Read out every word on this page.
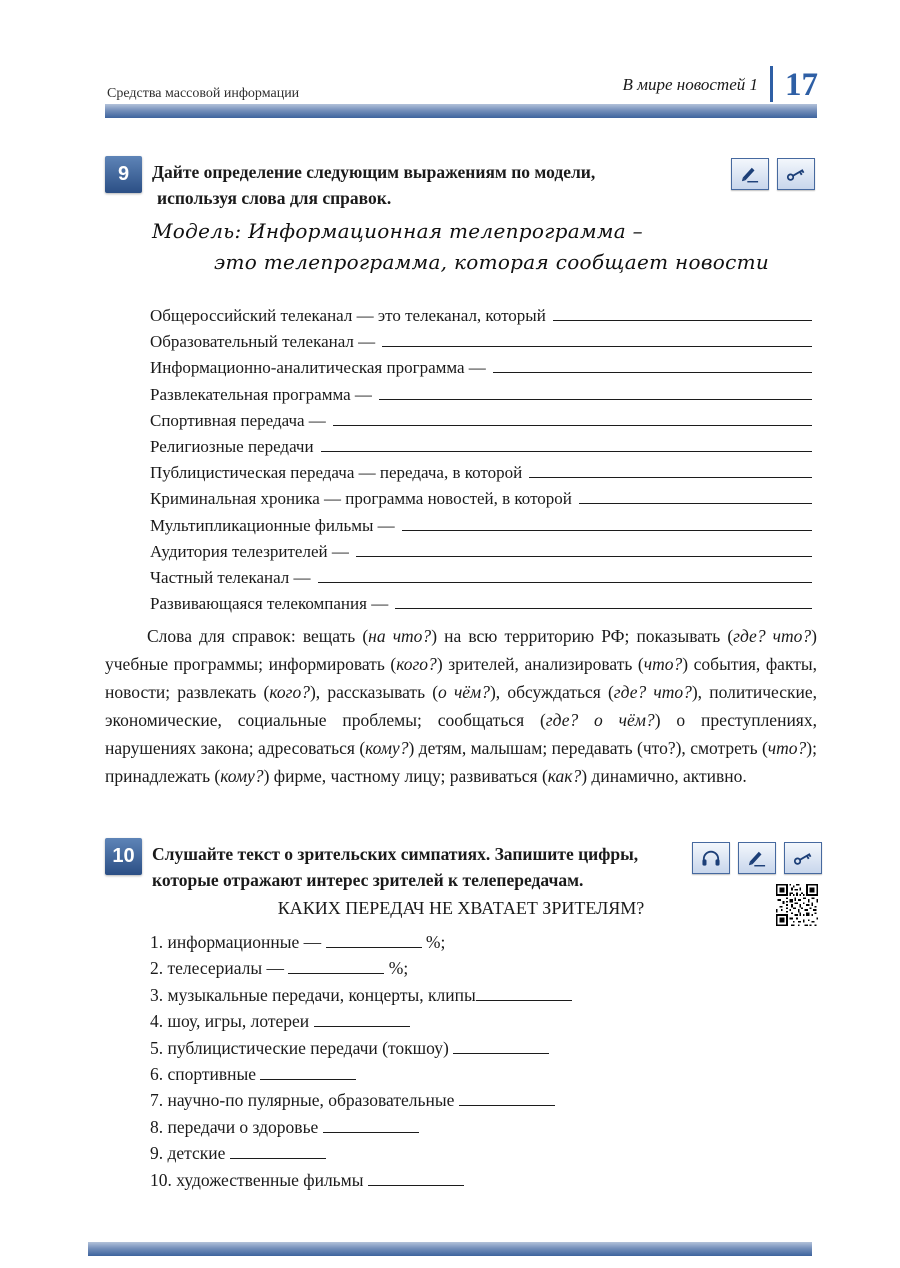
Средства массовой информации	В мире новостей 1 17
9	Дайте определение следующим выражениям по модели,
используя слова для справок.
Модель: Информационная телепрограмма –
это телепрограмма, которая сообщает новости
Общероссийский телеканал — это телеканал, который
Образовательный телеканал —
Информационно-аналитическая программа —
Развлекательная программа —
Спортивная передача —
Религиозные передачи
Публицистическая передача — передача, в которой
Криминальная хроника — программа новостей, в которой
Мультипликационные фильмы —
Аудитория телезрителей —
Частный телеканал —
Развивающаяся телекомпания —
Слова для справок: вещать (на что?) на всю территорию РФ; показывать (где? что?) учебные программы; информировать (кого?) зрителей, анализировать (что?) события, факты, новости; развлекать (кого?), рассказывать (о чём?), обсуждаться (где? что?), политические, экономические, социальные проблемы; сообщаться (где? о чём?) о преступлениях, нарушениях закона; адресоваться (кому?) детям, малышам; передавать (что?), смотреть (что?); принадлежать (кому?) фирме, частному лицу; развиваться (как?) динамично, активно.
10 Слушайте текст о зрительских симпатиях. Запишите цифры,
которые отражают интерес зрителей к телепередачам.
КАКИХ ПЕРЕДАЧ НЕ ХВАТАЕТ ЗРИТЕЛЯМ?
1. информационные —	%;
2. телесериалы —	%;
3. музыкальные передачи, концерты, клипы
4. шоу, игры, лотереи
5. публицистические передачи (токшоу)
6. спортивные
7. научно-по пулярные, образовательные
8. передачи о здоровье
9. детские
10. художественные фильмы
